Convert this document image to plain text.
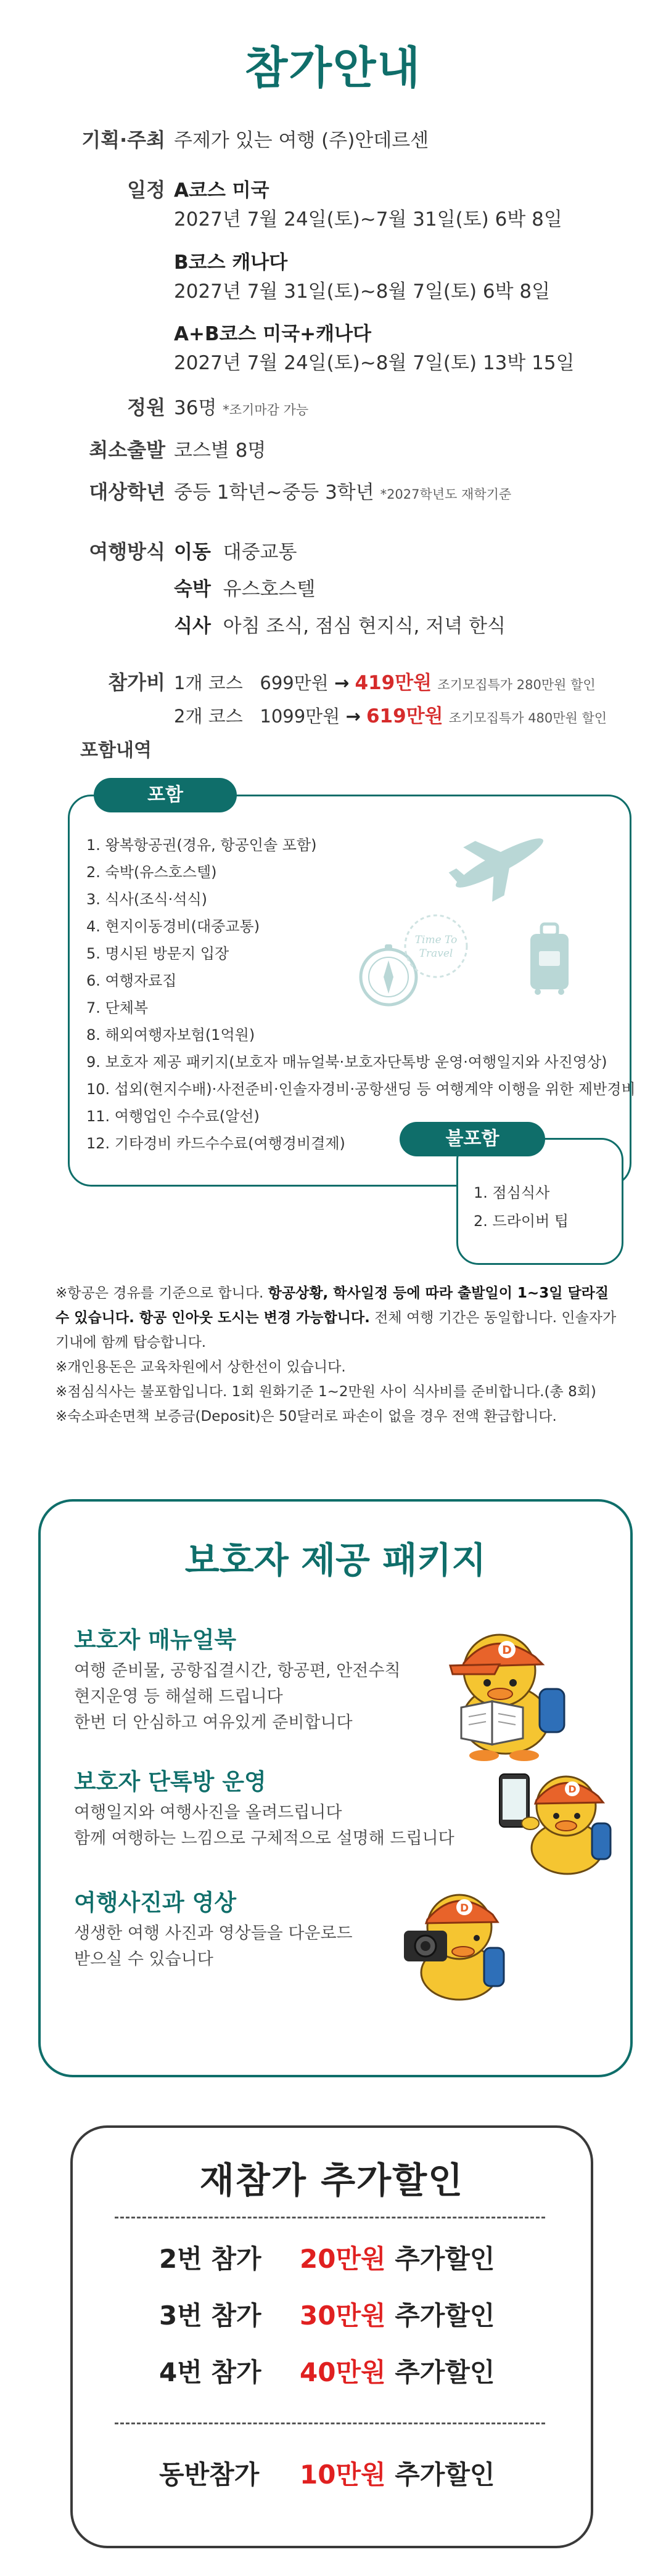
참가안내
기획·주최 주제가 있는 여행 (주)안데르센
일정 A코스 미국
2027년 7월 24일(토)~7월 31일(토) 6박 8일
B코스 캐나다
2027년 7월 31일(토)~8월 7일(토) 6박 8일
A+B코스 미국+캐나다
2027년 7월 24일(토)~8월 7일(토) 13박 15일
정원 36명 *조기마감 가능
최소출발 코스별 8명
대상학년 중등 1학년~중등 3학년 *2027학년도 재학기준
여행방식 이동 대중교통
숙박 유스호스텔
식사 아침 조식, 점심 현지식, 저녁 한식
참가비 1개 코스 699만원 → 419만원 조기모집특가 280만원 할인
2개 코스 1099만원 → 619만원 조기모집특가 480만원 할인
포함내역
포함
1. 왕복항공권(경유, 항공인솔 포함)
2. 숙박(유스호스텔)
3. 식사(조식·석식)
4. 현지이동경비(대중교통)
5. 명시된 방문지 입장
6. 여행자료집
7. 단체복
8. 해외여행자보험(1억원)
9. 보호자 제공 패키지(보호자 매뉴얼북·보호자단톡방 운영·여행일지와 사진영상)
10. 섭외(현지수배)·사전준비·인솔자경비·공항샌딩 등 여행계약 이행을 위한 제반경비
11. 여행업인 수수료(알선)
12. 기타경비 카드수수료(여행경비결제)
Time To
Travel
불포함
1. 점심식사
2. 드라이버 팁
※항공은 경유를 기준으로 합니다. 항공상황, 학사일정 등에 따라 출발일이 1~3일 달라질 수 있습니다. 항공 인아웃 도시는 변경 가능합니다. 전체 여행 기간은 동일합니다. 인솔자가 기내에 함께 탑승합니다.
※개인용돈은 교육차원에서 상한선이 있습니다.
※점심식사는 불포함입니다. 1회 원화기준 1~2만원 사이 식사비를 준비합니다.(총 8회)
※숙소파손면책 보증금(Deposit)은 50달러로 파손이 없을 경우 전액 환급합니다.
보호자 제공 패키지
보호자 매뉴얼북
여행 준비물, 공항집결시간, 항공편, 안전수칙
현지운영 등 해설해 드립니다
한번 더 안심하고 여유있게 준비합니다
보호자 단톡방 운영
여행일지와 여행사진을 올려드립니다
함께 여행하는 느낌으로 구체적으로 설명해 드립니다
여행사진과 영상
생생한 여행 사진과 영상들을 다운로드
받으실 수 있습니다
D
D
D
재참가 추가할인
2번 참가 20만원 추가할인
3번 참가 30만원 추가할인
4번 참가 40만원 추가할인
동반참가 10만원 추가할인
